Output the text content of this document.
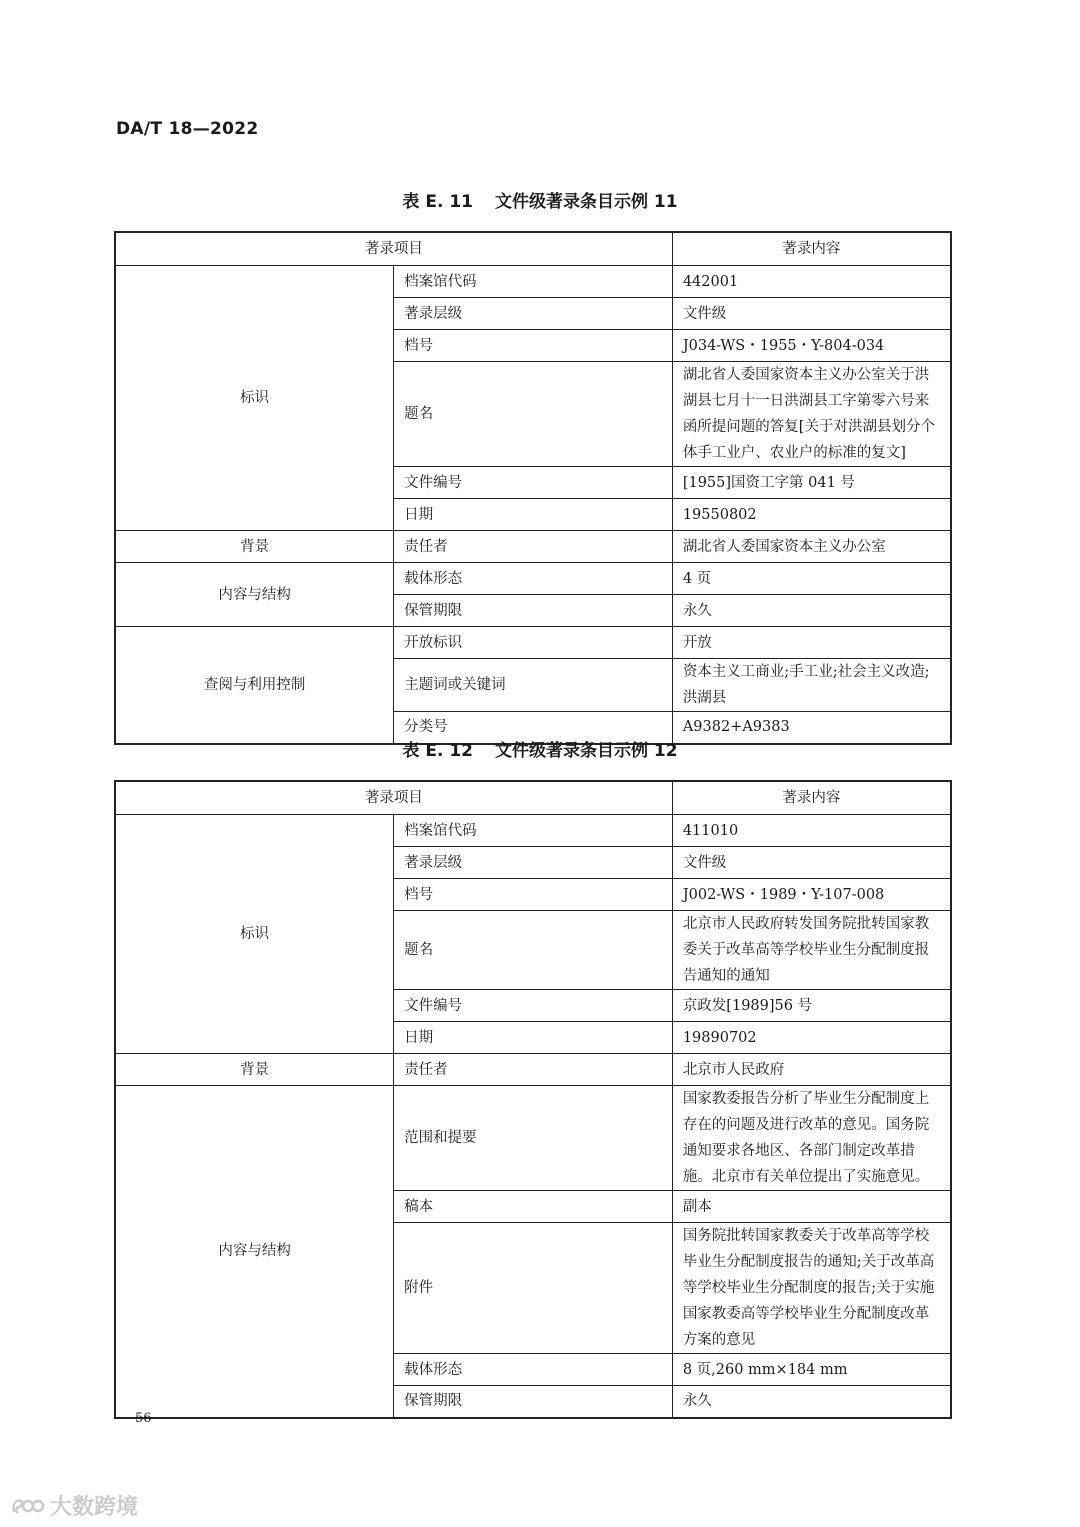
DA/T 18—2022
表 E. 11 文件级著录条目示例 11
著录项目		著录内容
标识	档案馆代码	442001
	著录层级	文件级
	档号	J034-WS・1955・Y-804-034
	题名	湖北省人委国家资本主义办公室关于洪湖县七月十一日洪湖县工字第零六号来函所提问题的答复[关于对洪湖县划分个体手工业户、农业户的标准的复文]
	文件编号	[1955]国资工字第 041 号
	日期	19550802
背景	责任者	湖北省人委国家资本主义办公室
内容与结构	载体形态	4 页
	保管期限	永久
查阅与利用控制	开放标识	开放
	主题词或关键词	资本主义工商业;手工业;社会主义改造;洪湖县
	分类号	A9382+A9383
表 E. 12 文件级著录条目示例 12
著录项目		著录内容
标识	档案馆代码	411010
	著录层级	文件级
	档号	J002-WS・1989・Y-107-008
	题名	北京市人民政府转发国务院批转国家教委关于改革高等学校毕业生分配制度报告通知的通知
	文件编号	京政发[1989]56 号
	日期	19890702
背景	责任者	北京市人民政府
内容与结构	范围和提要	国家教委报告分析了毕业生分配制度上存在的问题及进行改革的意见。国务院通知要求各地区、各部门制定改革措施。北京市有关单位提出了实施意见。
	稿本	副本
	附件	国务院批转国家教委关于改革高等学校毕业生分配制度报告的通知;关于改革高等学校毕业生分配制度的报告;关于实施国家教委高等学校毕业生分配制度改革方案的意见
	载体形态	8 页,260 mm×184 mm
	保管期限	永久
56
大数跨境
